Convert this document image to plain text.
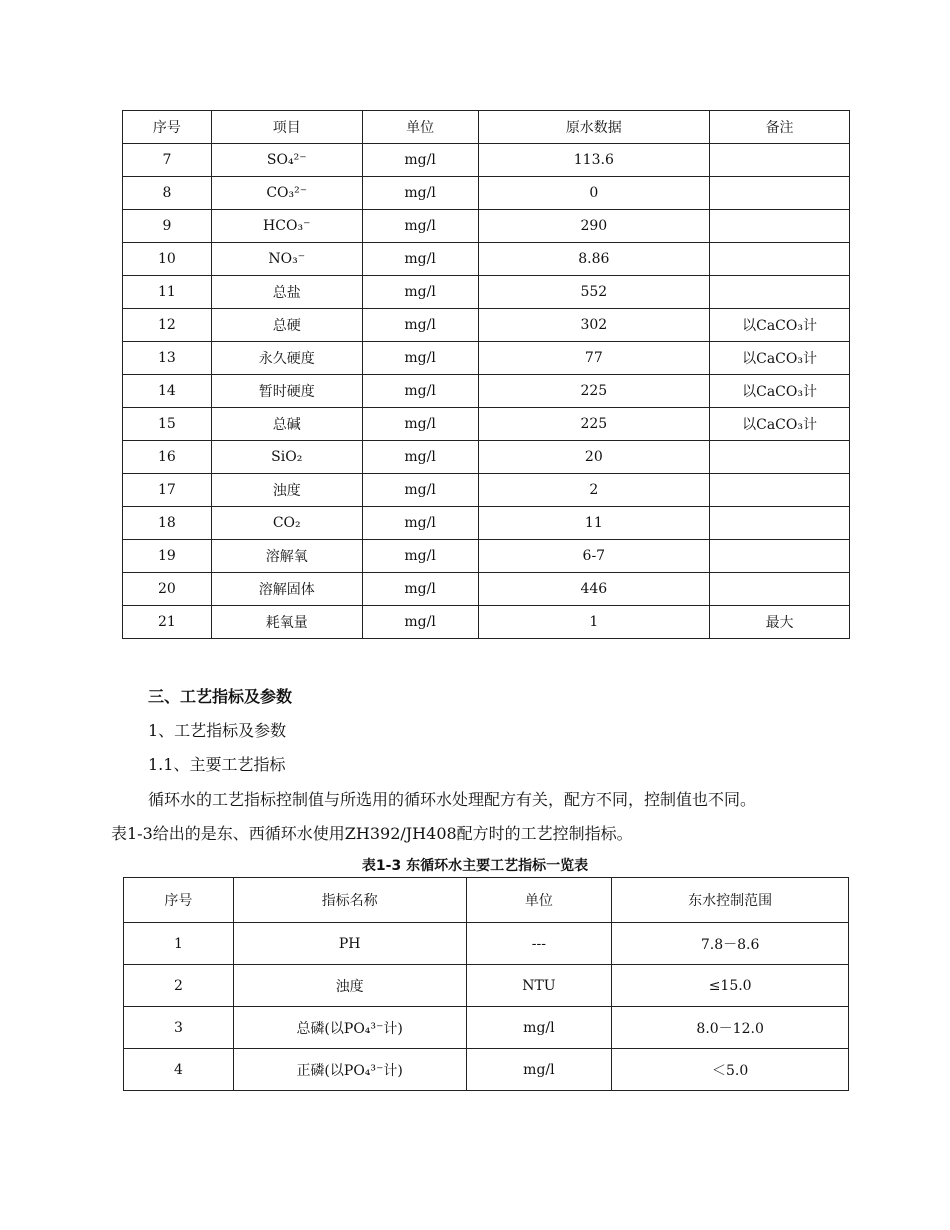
序号	项目	单位	原水数据	备注
7	SO₄²⁻	mg/l	113.6	
8	CO₃²⁻	mg/l	0	
9	HCO₃⁻	mg/l	290	
10	NO₃⁻	mg/l	8.86	
11	总盐	mg/l	552	
12	总硬	mg/l	302	以CaCO₃计
13	永久硬度	mg/l	77	以CaCO₃计
14	暂时硬度	mg/l	225	以CaCO₃计
15	总碱	mg/l	225	以CaCO₃计
16	SiO₂	mg/l	20	
17	浊度	mg/l	2	
18	CO₂	mg/l	11	
19	溶解氧	mg/l	6-7	
20	溶解固体	mg/l	446	
21	耗氧量	mg/l	1	最大
三、工艺指标及参数
1、工艺指标及参数
1.1、主要工艺指标
循环水的工艺指标控制值与所选用的循环水处理配方有关，配方不同，控制值也不同。
表1-3给出的是东、西循环水使用ZH392/JH408配方时的工艺控制指标。
表1-3 东循环水主要工艺指标一览表
序号	指标名称	单位	东水控制范围
1	PH	---	7.8－8.6
2	浊度	NTU	≤15.0
3	总磷(以PO₄³⁻计)	mg/l	8.0－12.0
4	正磷(以PO₄³⁻计)	mg/l	＜5.0
